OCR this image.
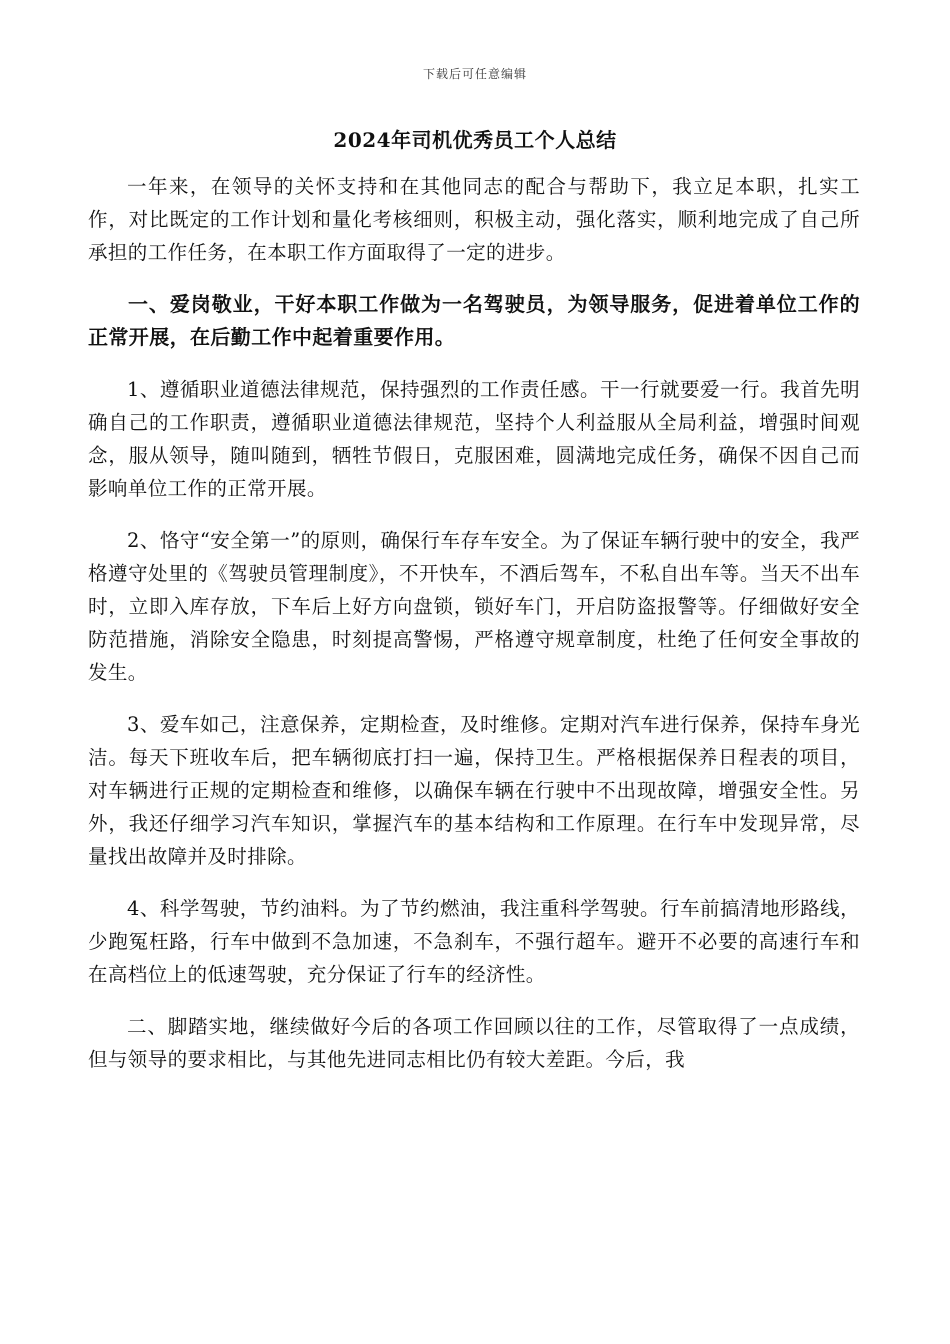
下载后可任意编辑
2024年司机优秀员工个人总结

一年来，在领导的关怀支持和在其他同志的配合与帮助下，我立足本职，扎实工作，对比既定的工作计划和量化考核细则，积极主动，强化落实，顺利地完成了自己所承担的工作任务，在本职工作方面取得了一定的进步。

一、爱岗敬业，干好本职工作做为一名驾驶员，为领导服务，促进着单位工作的正常开展，在后勤工作中起着重要作用。

1、遵循职业道德法律规范，保持强烈的工作责任感。干一行就要爱一行。我首先明确自己的工作职责，遵循职业道德法律规范，坚持个人利益服从全局利益，增强时间观念，服从领导，随叫随到，牺牲节假日，克服困难，圆满地完成任务，确保不因自己而影响单位工作的正常开展。

2、恪守“安全第一”的原则，确保行车存车安全。为了保证车辆行驶中的安全，我严格遵守处里的《驾驶员管理制度》，不开快车，不酒后驾车，不私自出车等。当天不出车时，立即入库存放，下车后上好方向盘锁，锁好车门，开启防盗报警等。仔细做好安全防范措施，消除安全隐患，时刻提高警惕，严格遵守规章制度，杜绝了任何安全事故的发生。

3、爱车如己，注意保养，定期检查，及时维修。定期对汽车进行保养，保持车身光洁。每天下班收车后，把车辆彻底打扫一遍，保持卫生。严格根据保养日程表的项目，对车辆进行正规的定期检查和维修，以确保车辆在行驶中不出现故障，增强安全性。另外，我还仔细学习汽车知识，掌握汽车的基本结构和工作原理。在行车中发现异常，尽量找出故障并及时排除。

4、科学驾驶，节约油料。为了节约燃油，我注重科学驾驶。行车前搞清地形路线，少跑冤枉路，行车中做到不急加速，不急刹车，不强行超车。避开不必要的高速行车和在高档位上的低速驾驶，充分保证了行车的经济性。

二、脚踏实地，继续做好今后的各项工作回顾以往的工作，尽管取得了一点成绩，但与领导的要求相比，与其他先进同志相比仍有较大差距。今后，我
